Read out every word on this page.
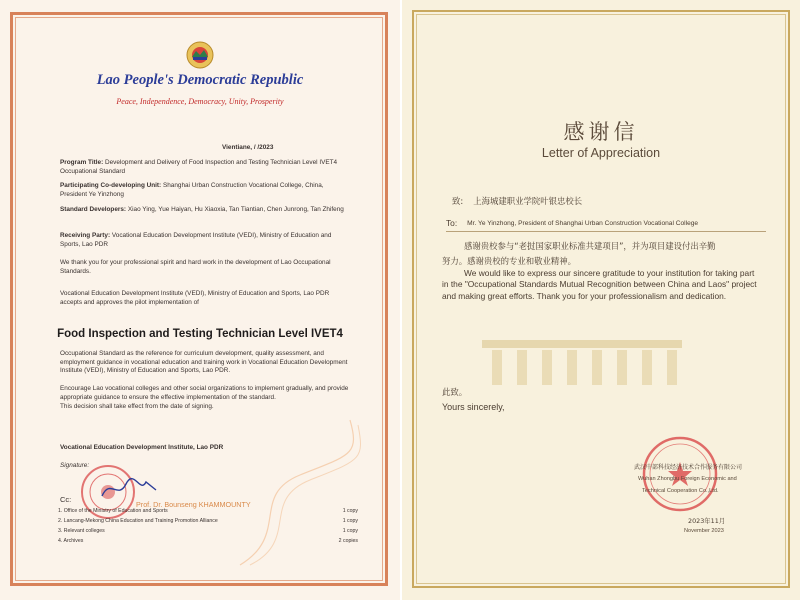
Lao People's Democratic Republic

Peace, Independence, Democracy, Unity, Prosperity

Vientiane, / /2023

Program Title: Development and Delivery of Food Inspection and Testing Technician Level IVET4 Occupational Standard
Participating Co-developing Unit: Shanghai Urban Construction Vocational College, China, President Ye Yinzhong
Standard Developers: Xiao Ying, Yue Haiyan, Hu Xiaoxia, Tan Tiantian, Chen Junrong, Tan Zhifeng
Receiving Party: Vocational Education Development Institute (VEDI), Ministry of Education and Sports, Lao PDR

We thank you for your professional spirit and hard work in the development of Lao Occupational Standards.

Vocational Education Development Institute (VEDI), Ministry of Education and Sports, Lao PDR accepts and approves the pilot implementation of

Food Inspection and Testing Technician Level IVET4

Occupational Standard as the reference for curriculum development, quality assessment, and employment guidance in vocational education and training work in Vocational Education Development Institute (VEDI), Ministry of Education and Sports, Lao PDR.

Encourage Lao vocational colleges and other social organizations to implement gradually, and provide appropriate guidance to ensure the effective implementation of the standard.

This decision shall take effect from the date of signing.

Vocational Education Development Institute, Lao PDR

Signature:

Prof. Dr. Bounseng KHAMMOUNTY

Cc:

1. Office of the Ministry of Education and Sports	1 copy
2. Lancang-Mekong China Education and Training Promotion Alliance	1 copy
3. Relevant colleges	1 copy
4. Archives	2 copies

感谢信

Letter of Appreciation

致: 上海城建职业学院叶银忠校长
To: Mr. Ye Yinzhong, President of Shanghai Urban Construction Vocational College

感谢贵校参与“老挝国家职业标准共建项目”，并为项目建设付出辛勤

努力。感谢贵校的专业和敬业精神。

We would like to express our sincere gratitude to your institution for taking part in the "Occupational Standards Mutual Recognition between China and Laos" project and making great efforts. Thank you for your professionalism and dedication.

此致。

Yours sincerely,

武汉中部科技经济技术合作服务有限公司

Wuhan Zhongbu Foreign Economic and

Technical Cooperation Co.,Ltd.

2023年11月

November 2023
